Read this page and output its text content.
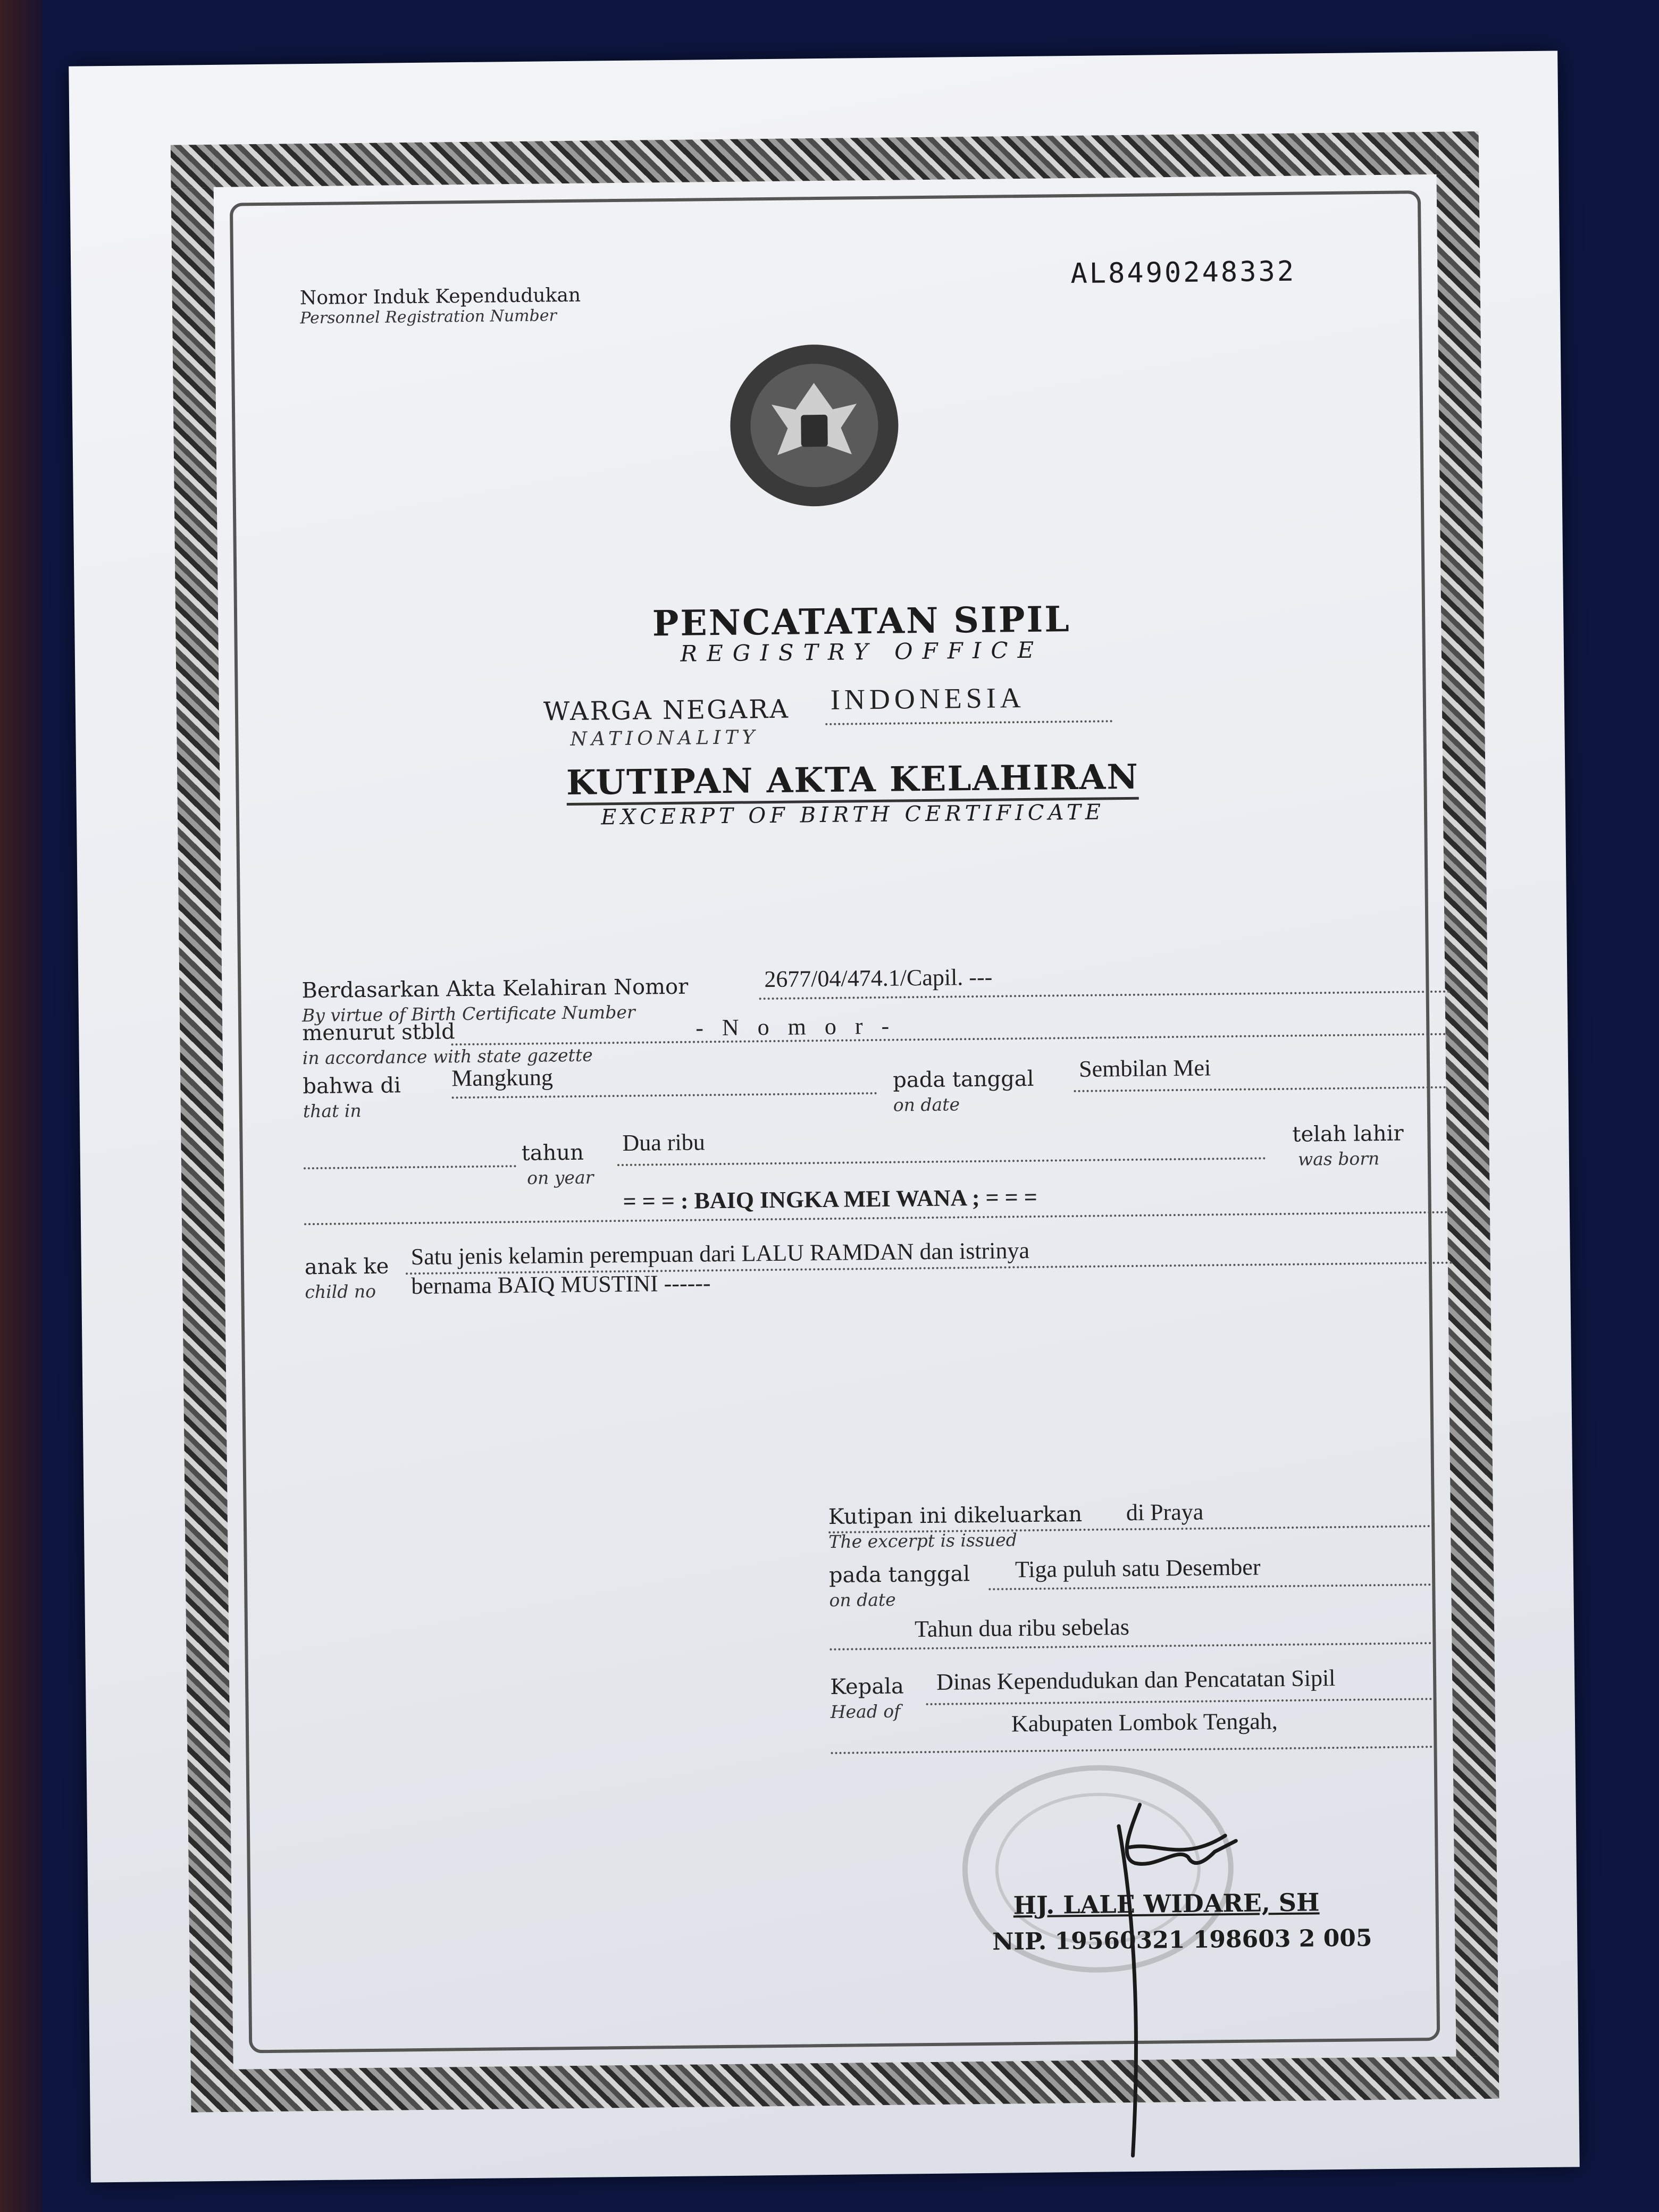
Nomor Induk Kependudukan
Personnel Registration Number
AL8490248332
PENCATATAN SIPIL
REGISTRY OFFICE
WARGA NEGARA
NATIONALITY
INDONESIA
KUTIPAN AKTA KELAHIRAN
EXCERPT OF BIRTH CERTIFICATE
Berdasarkan Akta Kelahiran Nomor
By virtue of Birth Certificate Number
2677/04/474.1/Capil. ---
menurut stbld
in accordance with state gazette
- N o m o r -
bahwa di
that in
Mangkung	pada tanggal
on date
Sembilan Mei
tahun
on year
Dua ribu	telah lahir
was born
= = = : BAIQ INGKA MEI WANA ; = = =
anak ke
child no
Satu jenis kelamin perempuan dari LALU RAMDAN dan istrinya
bernama BAIQ MUSTINI ------
Kutipan ini dikeluarkan
The excerpt is issued
di Praya
pada tanggal
on date
Tiga puluh satu Desember
Tahun dua ribu sebelas
Kepala
Head of
Dinas Kependudukan dan Pencatatan Sipil
Kabupaten Lombok Tengah,
HJ. LALE WIDARE, SH
NIP. 19560321 198603 2 005
